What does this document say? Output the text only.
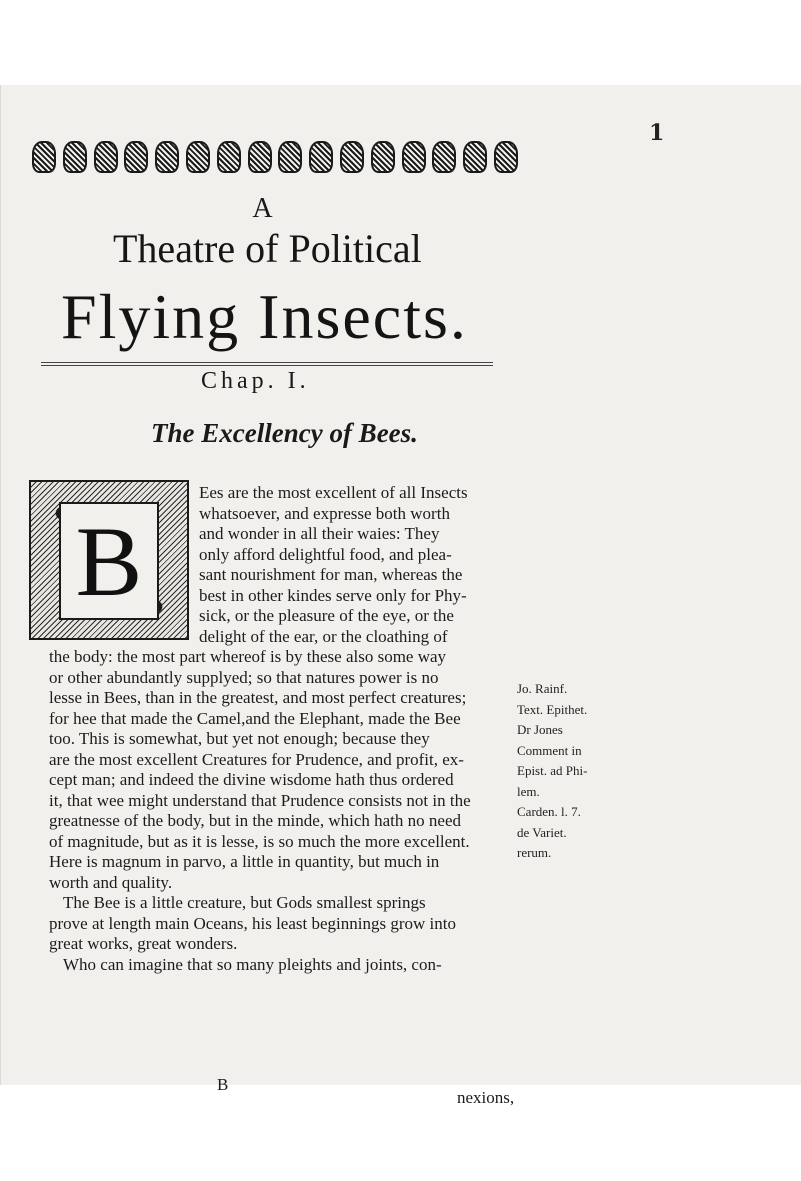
1
A
Theatre of Political
Flying Insects.
Chap. I.
The Excellency of Bees.
B
Ees are the most excellent of all Insects
whatsoever, and expresse both worth
and wonder in all their waies: They
only afford delightful food, and plea-
sant nourishment for man, whereas the
best in other kindes serve only for Phy-
sick, or the pleasure of the eye, or the
delight of the ear, or the cloathing of
the body: the most part whereof is by these also some way
or other abundantly supplyed; so that natures power is no
lesse in Bees, than in the greatest, and most perfect creatures;
for hee that made the Camel,and the Elephant, made the Bee
too. This is somewhat, but yet not enough; because they
are the most excellent Creatures for Prudence, and profit, ex-
cept man; and indeed the divine wisdome hath thus ordered
it, that wee might understand that Prudence consists not in the
greatnesse of the body, but in the minde, which hath no need
of magnitude, but as it is lesse, is so much the more excellent.
Here is magnum in parvo, a little in quantity, but much in
worth and quality.
The Bee is a little creature, but Gods smallest springs
prove at length main Oceans, his least beginnings grow into
great works, great wonders.
Who can imagine that so many pleights and joints, con-
Jo. Rainf.
Text. Epithet.
Dr Jones
Comment in
Epist. ad Phi-
lem.
Carden. l. 7.
de Variet.
rerum.
B
nexions,
